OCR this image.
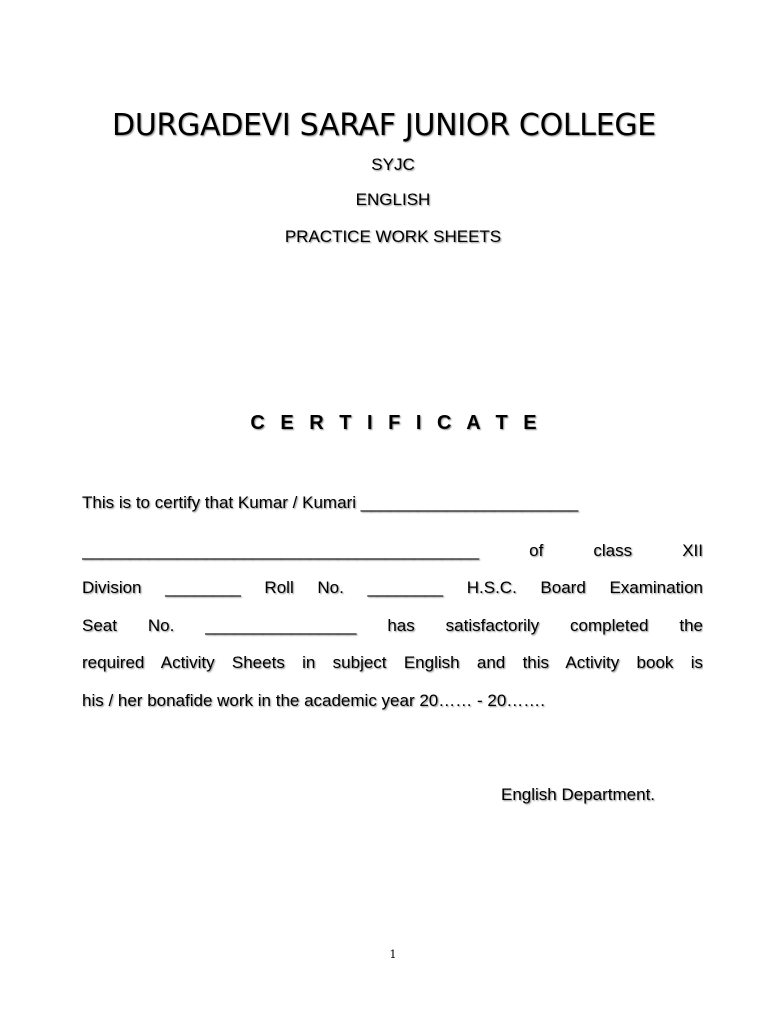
DURGADEVI SARAF JUNIOR COLLEGE
SYJC
ENGLISH
PRACTICE WORK SHEETS
C E R T I F I C A T E
This is to certify that Kumar / Kumari _______________________
__________________________________________ of class XII
Division ________ Roll No. ________ H.S.C. Board Examination
Seat No. ________________ has satisfactorily completed the
required Activity Sheets in subject English and this Activity book is
his / her bonafide work in the academic year 20…… - 20…….
English Department.
1
